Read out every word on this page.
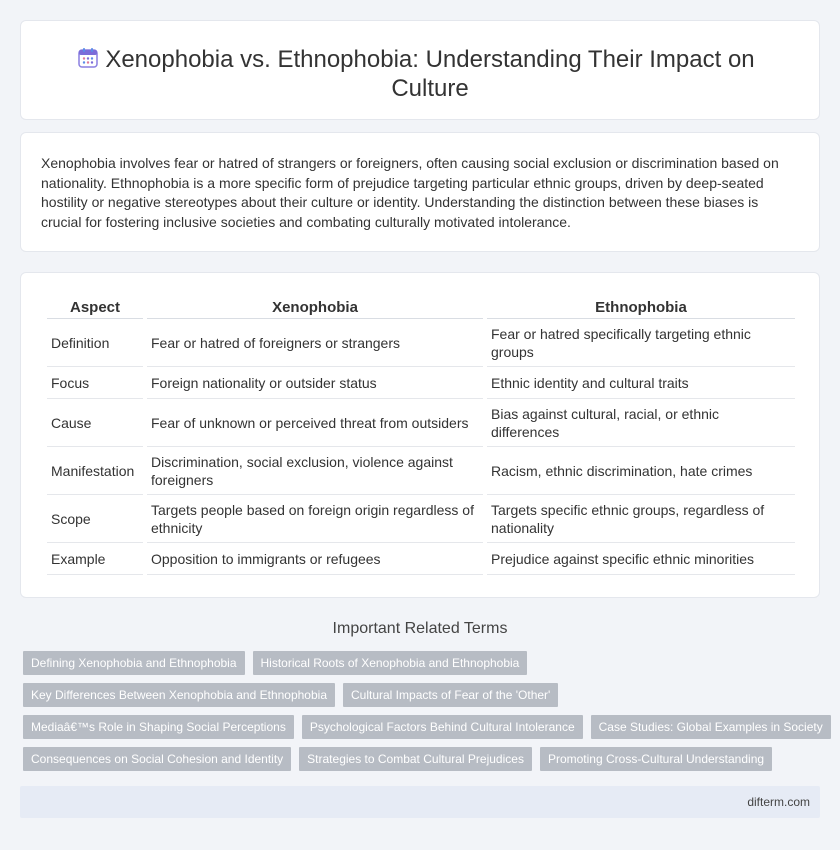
Xenophobia vs. Ethnophobia: Understanding Their Impact on Culture

Xenophobia involves fear or hatred of strangers or foreigners, often causing social exclusion or discrimination based on nationality. Ethnophobia is a more specific form of prejudice targeting particular ethnic groups, driven by deep-seated hostility or negative stereotypes about their culture or identity. Understanding the distinction between these biases is crucial for fostering inclusive societies and combating culturally motivated intolerance.

Aspect	Xenophobia	Ethnophobia
Definition	Fear or hatred of foreigners or strangers	Fear or hatred specifically targeting ethnic groups
Focus	Foreign nationality or outsider status	Ethnic identity and cultural traits
Cause	Fear of unknown or perceived threat from outsiders	Bias against cultural, racial, or ethnic differences
Manifestation	Discrimination, social exclusion, violence against foreigners	Racism, ethnic discrimination, hate crimes
Scope	Targets people based on foreign origin regardless of ethnicity	Targets specific ethnic groups, regardless of nationality
Example	Opposition to immigrants or refugees	Prejudice against specific ethnic minorities
Important Related Terms
Defining Xenophobia and Ethnophobia	Historical Roots of Xenophobia and Ethnophobia
Key Differences Between Xenophobia and Ethnophobia	Cultural Impacts of Fear of the 'Other'
Mediaâ€™s Role in Shaping Social Perceptions	Psychological Factors Behind Cultural Intolerance	Case Studies: Global Examples in Society
Consequences on Social Cohesion and Identity	Strategies to Combat Cultural Prejudices	Promoting Cross-Cultural Understanding
difterm.com
